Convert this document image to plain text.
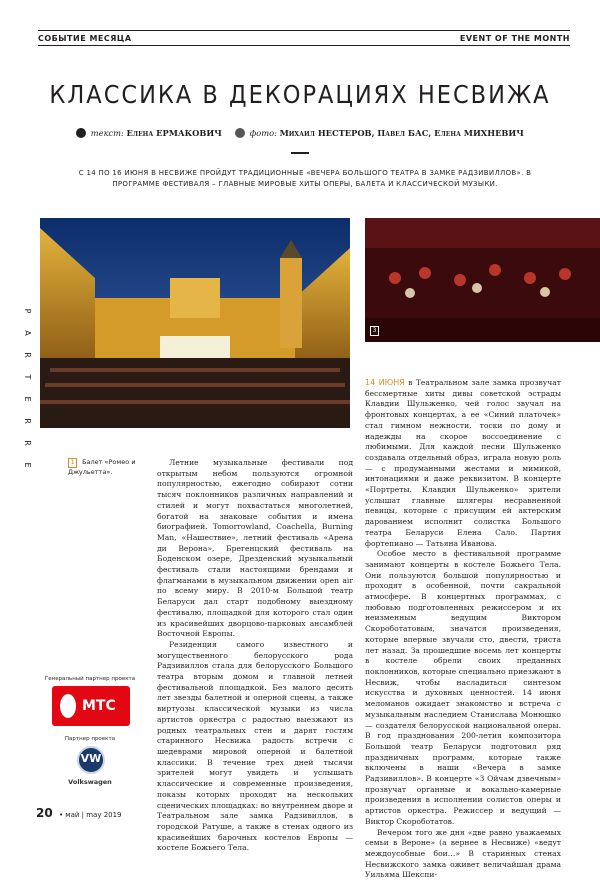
СОБЫТИЕ МЕСЯЦА	EVENT OF THE MONTH
КЛАССИКА В ДЕКОРАЦИЯХ НЕСВИЖА
текст: Елена ЕРМАКОВИЧ	фото: Михаил НЕСТЕРОВ, Павел БАС, Елена МИХНЕВИЧ
С 14 ПО 16 ИЮНЯ В НЕСВИЖЕ ПРОЙДУТ ТРАДИЦИОННЫЕ «ВЕЧЕРА БОЛЬШОГО ТЕАТРА В ЗАМКЕ РАДЗИВИЛЛОВ». В ПРОГРАММЕ ФЕСТИВАЛЯ – ГЛАВНЫЕ МИРОВЫЕ ХИТЫ ОПЕРЫ, БАЛЕТА И КЛАССИЧЕСКОЙ МУЗЫКИ.
3
P
A
R
T
E
R
R
E	1 Балет «Ромео и Джульетта».
Генеральный партнер проекта
МТС
Партнер проекта
VW
Volkswagen

Летние музыкальные фестивали под открытым небом пользуются огромной популярностью, ежегодно собирают сотни тысяч поклонников различных направлений и стилей и могут похвастаться многолетней, богатой на знаковые события и имена биографией. Tomorrowland, Coachella, Burning Man, «Нашествие», летний фестиваль «Арена ди Верона», Брегенцский фестиваль на Боденском озере, Дрезденский музыкальный фестиваль стали настоящими брендами и флагманами в музыкальном движении open air по всему миру. В 2010-м Большой театр Беларуси дал старт подобному выездному фестивалю, площадкой для которого стал один из красивейших дворцово-парковых ансамблей Восточной Европы.

Резиденция самого известного и могущественного белорусского рода Радзивиллов стала для белорусского Большого театра вторым домом и главной летней фестивальной площадкой. Без малого десять лет звезды балетной и оперной сцены, а также виртуозы классической музыки из числа артистов оркестра с радостью выезжают из родных театральных стен и дарят гостям старинного Несвижа радость встречи с шедеврами мировой оперной и балетной классики. В течение трех дней тысячи зрителей могут увидеть и услышать классические и современные произведения, показы которых проходят на нескольких сценических площадках: во внутреннем дворе и Театральном зале замка Радзивиллов, в городской Ратуше, а также в стенах одного из красивейших барочных костелов Европы — костеле Божьего Тела.

14 ИЮНЯ в Театральном зале замка прозвучат бессмертные хиты дивы советской эстрады Клавдии Шульженко, чей голос звучал на фронтовых концертах, а ее «Синий платочек» стал гимном нежности, тоски по дому и надежды на скорое воссоединение с любимыми. Для каждой песни Шульженко создавала отдельный образ, играла новую роль — с продуманными жестами и мимикой, интонациями и даже реквизитом. В концерте «Портреты. Клавдия Шульженко» зрители услышат главные шлягеры несравненной певицы, которые с присущим ей актерским дарованием исполнит солистка Большого театра Беларуси Елена Сало. Партия фортепиано — Татьяна Иванова.

Особое место в фестивальной программе занимают концерты в костеле Божьего Тела. Они пользуются большой популярностью и проходят в особенной, почти сакральной атмосфере. В концертных программах, с любовью подготовленных режиссером и их неизменным ведущим Виктором Скороботатовым, значатся произведения, которые впервые звучали сто, двести, триста лет назад. За прошедшие восемь лет концерты в костеле обрели своих преданных поклонников, которые специально приезжают в Несвиж, чтобы насладиться синтезом искусства и духовных ценностей. 14 июня меломанов ожидает знакомство и встреча с музыкальным наследием Станислава Монюшко — создателя белорусской национальной оперы. В год празднования 200-летия композитора Большой театр Беларуси подготовил ряд праздничных программ, которые также включены в наши «Вечера в замке Радзивиллов». В концерте «З Ойчам дзвечным» прозвучат органные и вокально-камерные произведения в исполнении солистов оперы и артистов оркестра. Режиссер и ведущий — Виктор Скороботатов.

Вечером того же дня «две равно уважаемых семьи в Вероне» (а вернее в Несвиже) «ведут междоусобные бои…» В старинных стенах Несвижского замка оживет величайшая драма Уильяма Шекспи-

20 • май | may 2019
